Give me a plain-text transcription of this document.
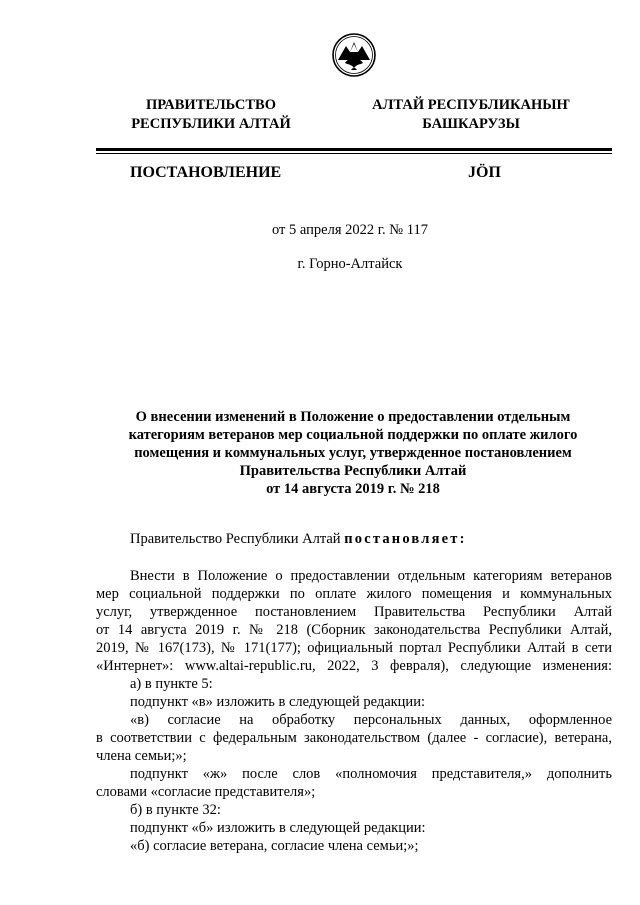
ПРАВИТЕЛЬСТВО
РЕСПУБЛИКИ АЛТАЙ
АЛТАЙ РЕСПУБЛИКАНЫҤ
БАШКАРУЗЫ
ПОСТАНОВЛЕНИЕ	JӦП
от 5 апреля 2022 г. № 117
г. Горно-Алтайск
О внесении изменений в Положение о предоставлении отдельным
категориям ветеранов мер социальной поддержки по оплате жилого
помещения и коммунальных услуг, утвержденное постановлением
Правительства Республики Алтай
от 14 августа 2019 г. № 218
Правительство Республики Алтай постановляет:
Внести в Положение о предоставлении отдельным категориям ветеранов
мер социальной поддержки по оплате жилого помещения и коммунальных
услуг, утвержденное постановлением Правительства Республики Алтай
от 14 августа 2019 г. № 218 (Сборник законодательства Республики Алтай,
2019, № 167(173), № 171(177); официальный портал Республики Алтай в сети
«Интернет»: www.altai-republic.ru, 2022, 3 февраля), следующие изменения:
а) в пункте 5:
подпункт «в» изложить в следующей редакции:
«в) согласие на обработку персональных данных, оформленное
в соответствии с федеральным законодательством (далее - согласие), ветерана,
члена семьи;»;
подпункт «ж» после слов «полномочия представителя,» дополнить
словами «согласие представителя»;
б) в пункте 32:
подпункт «б» изложить в следующей редакции:
«б) согласие ветерана, согласие члена семьи;»;
